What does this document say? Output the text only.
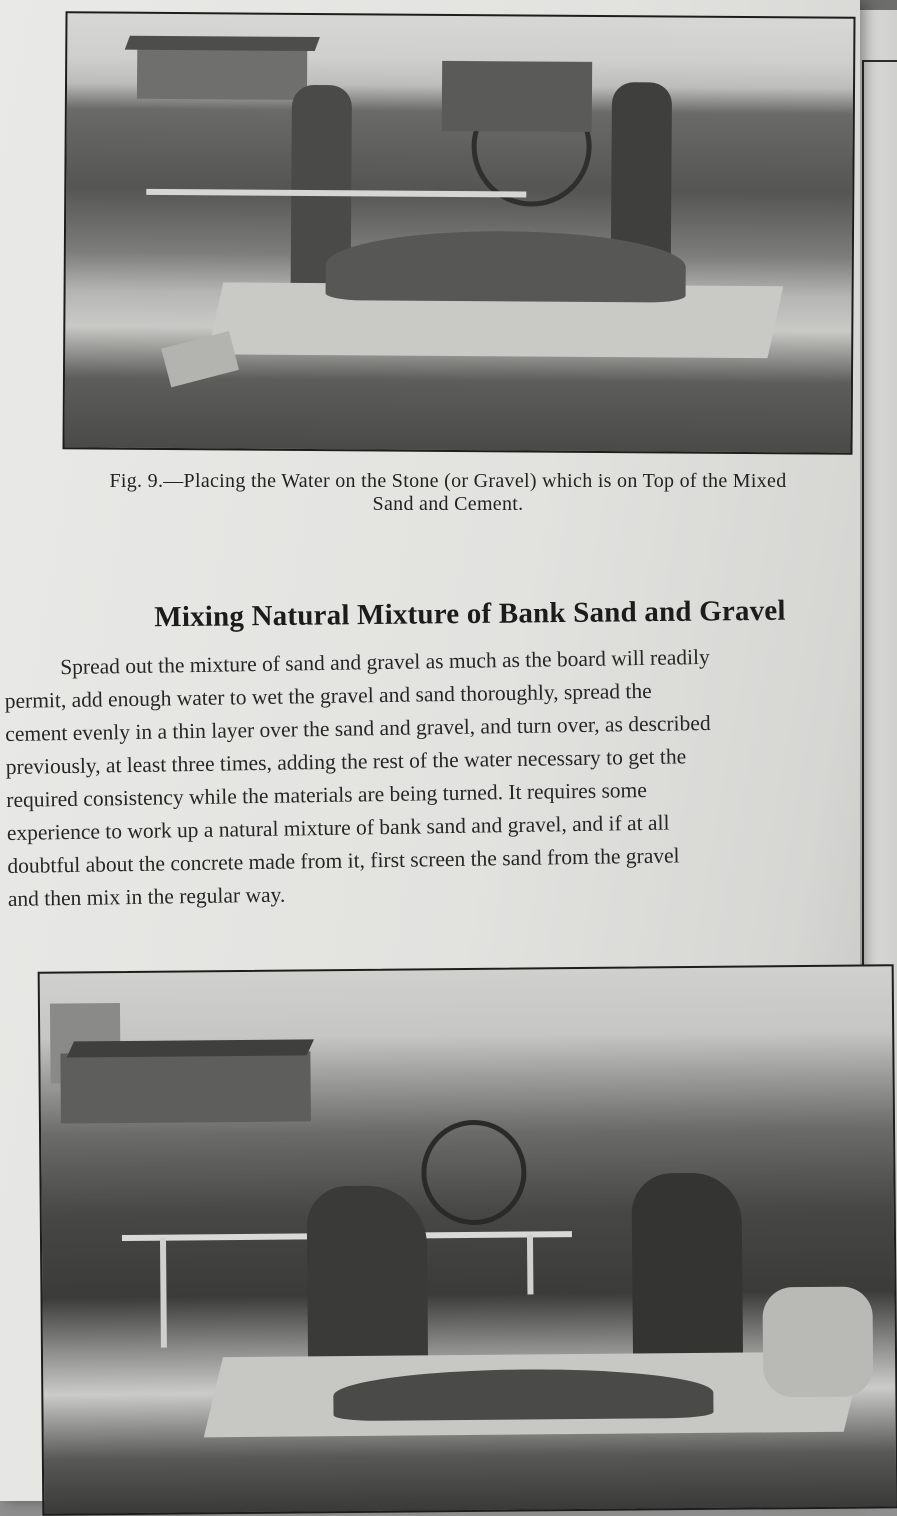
Fig. 9.—Placing the Water on the Stone (or Gravel) which is on Top of the Mixed
Sand and Cement.
Mixing Natural Mixture of Bank Sand and Gravel
Spread out the mixture of sand and gravel as much as the board will readily
permit, add enough water to wet the gravel and sand thoroughly, spread the
cement evenly in a thin layer over the sand and gravel, and turn over, as described
previously, at least three times, adding the rest of the water necessary to get the
required consistency while the materials are being turned. It requires some
experience to work up a natural mixture of bank sand and gravel, and if at all
doubtful about the concrete made from it, first screen the sand from the gravel
and then mix in the regular way.
